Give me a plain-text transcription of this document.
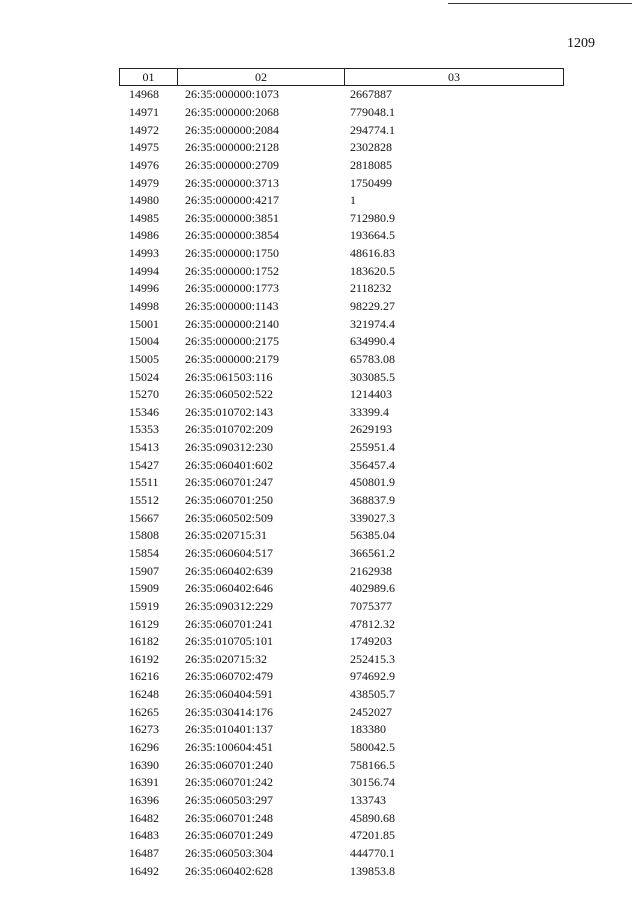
1209
01	02	03
14968	26:35:000000:1073	2667887
14971	26:35:000000:2068	779048.1
14972	26:35:000000:2084	294774.1
14975	26:35:000000:2128	2302828
14976	26:35:000000:2709	2818085
14979	26:35:000000:3713	1750499
14980	26:35:000000:4217	1
14985	26:35:000000:3851	712980.9
14986	26:35:000000:3854	193664.5
14993	26:35:000000:1750	48616.83
14994	26:35:000000:1752	183620.5
14996	26:35:000000:1773	2118232
14998	26:35:000000:1143	98229.27
15001	26:35:000000:2140	321974.4
15004	26:35:000000:2175	634990.4
15005	26:35:000000:2179	65783.08
15024	26:35:061503:116	303085.5
15270	26:35:060502:522	1214403
15346	26:35:010702:143	33399.4
15353	26:35:010702:209	2629193
15413	26:35:090312:230	255951.4
15427	26:35:060401:602	356457.4
15511	26:35:060701:247	450801.9
15512	26:35:060701:250	368837.9
15667	26:35:060502:509	339027.3
15808	26:35:020715:31	56385.04
15854	26:35:060604:517	366561.2
15907	26:35:060402:639	2162938
15909	26:35:060402:646	402989.6
15919	26:35:090312:229	7075377
16129	26:35:060701:241	47812.32
16182	26:35:010705:101	1749203
16192	26:35:020715:32	252415.3
16216	26:35:060702:479	974692.9
16248	26:35:060404:591	438505.7
16265	26:35:030414:176	2452027
16273	26:35:010401:137	183380
16296	26:35:100604:451	580042.5
16390	26:35:060701:240	758166.5
16391	26:35:060701:242	30156.74
16396	26:35:060503:297	133743
16482	26:35:060701:248	45890.68
16483	26:35:060701:249	47201.85
16487	26:35:060503:304	444770.1
16492	26:35:060402:628	139853.8
